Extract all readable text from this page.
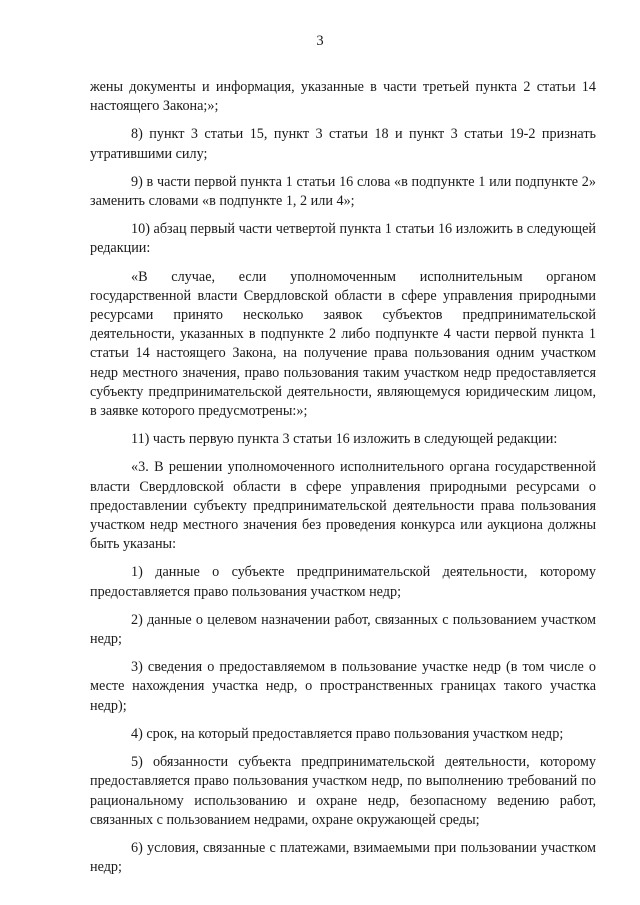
3

жены документы и информация, указанные в части третьей пункта 2 статьи 14 настоящего Закона;»;

8) пункт 3 статьи 15, пункт 3 статьи 18 и пункт 3 статьи 19-2 признать утратившими силу;

9) в части первой пункта 1 статьи 16 слова «в подпункте 1 или подпункте 2» заменить словами «в подпункте 1, 2 или 4»;

10) абзац первый части четвертой пункта 1 статьи 16 изложить в следующей редакции:

«В случае, если уполномоченным исполнительным органом государственной власти Свердловской области в сфере управления природными ресурсами принято несколько заявок субъектов предпринимательской деятельности, указанных в подпункте 2 либо подпункте 4 части первой пункта 1 статьи 14 настоящего Закона, на получение права пользования одним участком недр местного значения, право пользования таким участком недр предоставляется субъекту предпринимательской деятельности, являющемуся юридическим лицом, в заявке которого предусмотрены:»;

11) часть первую пункта 3 статьи 16 изложить в следующей редакции:

«3. В решении уполномоченного исполнительного органа государственной власти Свердловской области в сфере управления природными ресурсами о предоставлении субъекту предпринимательской деятельности права пользования участком недр местного значения без проведения конкурса или аукциона должны быть указаны:

1) данные о субъекте предпринимательской деятельности, которому предоставляется право пользования участком недр;

2) данные о целевом назначении работ, связанных с пользованием участком недр;

3) сведения о предоставляемом в пользование участке недр (в том числе о месте нахождения участка недр, о пространственных границах такого участка недр);

4) срок, на который предоставляется право пользования участком недр;

5) обязанности субъекта предпринимательской деятельности, которому предоставляется право пользования участком недр, по выполнению требований по рациональному использованию и охране недр, безопасному ведению работ, связанных с пользованием недрами, охране окружающей среды;

6) условия, связанные с платежами, взимаемыми при пользовании участком недр;
